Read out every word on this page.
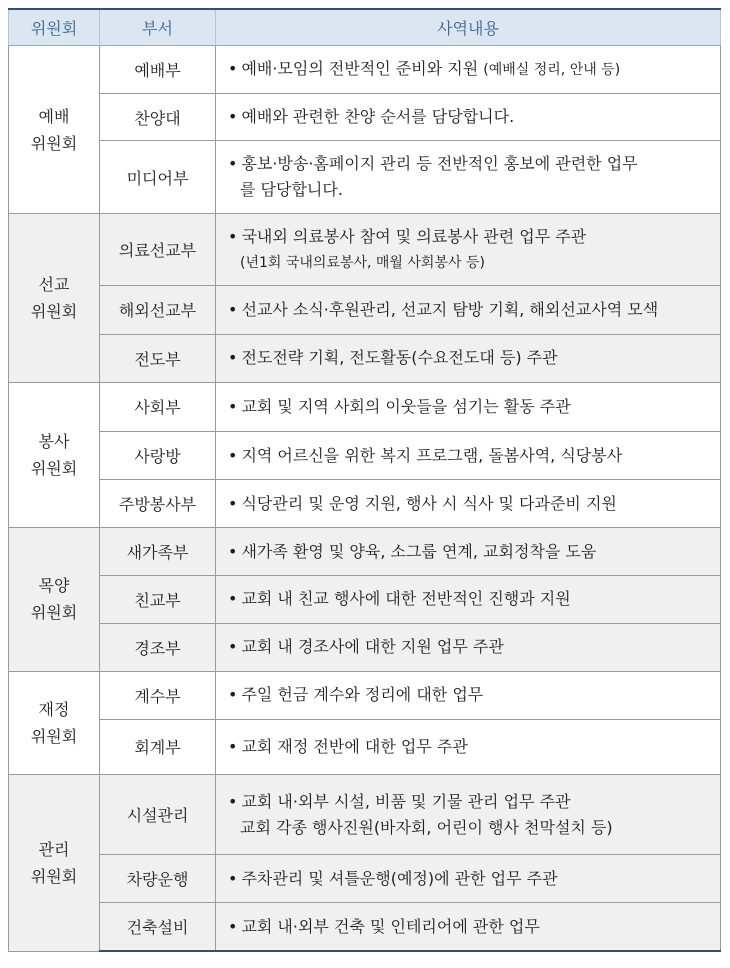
위원회	부서	사역내용
예배
위원회	예배부	• 예배·모임의 전반적인 준비와 지원 (예배실 정리, 안내 등)
	찬양대	• 예배와 관련한 찬양 순서를 담당합니다.
	미디어부	• 홍보·방송·홈페이지 관리 등 전반적인 홍보에 관련한 업무
를 담당합니다.

선교
위원회	의료선교부	• 국내외 의료봉사 참여 및 의료봉사 관련 업무 주관
(년1회 국내의료봉사, 매월 사회봉사 등)

	해외선교부	• 선교사 소식·후원관리, 선교지 탐방 기획, 해외선교사역 모색
	전도부	• 전도전략 기획, 전도활동(수요전도대 등) 주관
봉사
위원회	사회부	• 교회 및 지역 사회의 이웃들을 섬기는 활동 주관
	사랑방	• 지역 어르신을 위한 복지 프로그램, 돌봄사역, 식당봉사
	주방봉사부	• 식당관리 및 운영 지원, 행사 시 식사 및 다과준비 지원
목양
위원회	새가족부	• 새가족 환영 및 양육, 소그룹 연계, 교회정착을 도움
	친교부	• 교회 내 친교 행사에 대한 전반적인 진행과 지원
	경조부	• 교회 내 경조사에 대한 지원 업무 주관
재정
위원회	계수부	• 주일 헌금 계수와 정리에 대한 업무
	회계부	• 교회 재정 전반에 대한 업무 주관
관리
위원회	시설관리	• 교회 내·외부 시설, 비품 및 기물 관리 업무 주관
교회 각종 행사진원(바자회, 어린이 행사 천막설치 등)

	차량운행	• 주차관리 및 셔틀운행(예정)에 관한 업무 주관
	건축설비	• 교회 내·외부 건축 및 인테리어에 관한 업무
